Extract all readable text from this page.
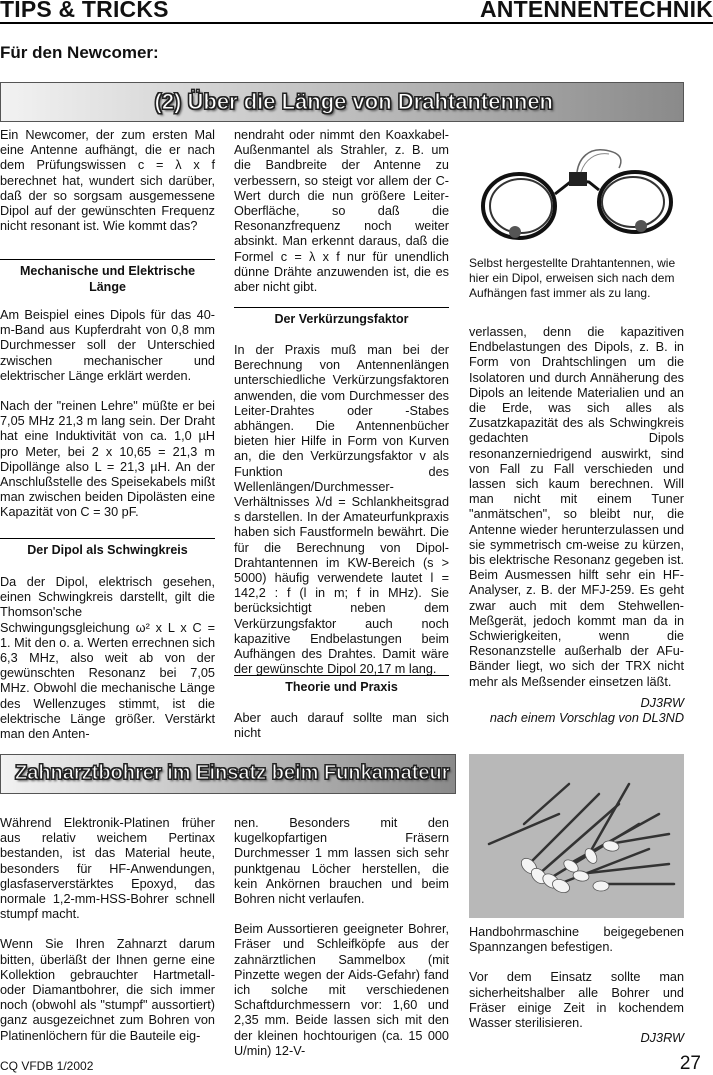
TIPS & TRICKS	ANTENNENTECHNIK
Für den Newcomer:
(2) Über die Länge von Drahtantennen

Ein Newcomer, der zum ersten Mal eine Antenne aufhängt, die er nach dem Prüfungswissen c = λ x f berechnet hat, wundert sich darüber, daß der so sorgsam ausgemessene Dipol auf der gewünschten Frequenz nicht resonant ist. Wie kommt das?

Mechanische und Elektrische Länge

Am Beispiel eines Dipols für das 40-m-Band aus Kupferdraht von 0,8 mm Durchmesser soll der Unterschied zwischen mechanischer und elektrischer Länge erklärt werden.

Nach der "reinen Lehre" müßte er bei 7,05 MHz 21,3 m lang sein. Der Draht hat eine Induktivität von ca. 1,0 µH pro Meter, bei 2 x 10,65 = 21,3 m Dipollänge also L = 21,3 µH. An der Anschlußstelle des Speisekabels mißt man zwischen beiden Dipolästen eine Kapazität von C = 30 pF.

Der Dipol als Schwingkreis

Da der Dipol, elektrisch gesehen, einen Schwingkreis darstellt, gilt die Thomson'sche Schwingungsgleichung ω² x L x C = 1. Mit den o. a. Werten errechnen sich 6,3 MHz, also weit ab von der gewünschten Resonanz bei 7,05 MHz. Obwohl die mechanische Länge des Wellenzuges stimmt, ist die elektrische Länge größer. Verstärkt man den Anten-

nendraht oder nimmt den Koaxkabel-Außenmantel als Strahler, z. B. um die Bandbreite der Antenne zu verbessern, so steigt vor allem der C-Wert durch die nun größere Leiter-Oberfläche, so daß die Resonanzfrequenz noch weiter absinkt. Man erkennt daraus, daß die Formel c = λ x f nur für unendlich dünne Drähte anzuwenden ist, die es aber nicht gibt.

Der Verkürzungsfaktor

In der Praxis muß man bei der Berechnung von Antennenlängen unterschiedliche Verkürzungsfaktoren anwenden, die vom Durchmesser des Leiter-Drahtes oder -Stabes abhängen. Die Antennenbücher bieten hier Hilfe in Form von Kurven an, die den Verkürzungsfaktor v als Funktion des Wellenlängen/Durchmesser-Verhältnisses λ/d = Schlankheitsgrad s darstellen. In der Amateurfunkpraxis haben sich Faustformeln bewährt. Die für die Berechnung von Dipol-Drahtantennen im KW-Bereich (s > 5000) häufig verwendete lautet l = 142,2 : f (l in m; f in MHz). Sie berücksichtigt neben dem Verkürzungsfaktor auch noch kapazitive Endbelastungen beim Aufhängen des Drahtes. Damit wäre der gewünschte Dipol 20,17 m lang.

Theorie und Praxis

Aber auch darauf sollte man sich nicht

Selbst hergestellte Drahtantennen, wie hier ein Dipol, erweisen sich nach dem Aufhängen fast immer als zu lang.

verlassen, denn die kapazitiven Endbelastungen des Dipols, z. B. in Form von Drahtschlingen um die Isolatoren und durch Annäherung des Dipols an leitende Materialien und an die Erde, was sich alles als Zusatzkapazität des als Schwingkreis gedachten Dipols resonanzerniedrigend auswirkt, sind von Fall zu Fall verschieden und lassen sich kaum berechnen. Will man nicht mit einem Tuner "anmätschen", so bleibt nur, die Antenne wieder herunterzulassen und sie symmetrisch cm-weise zu kürzen, bis elektrische Resonanz gegeben ist. Beim Ausmessen hilft sehr ein HF-Analyser, z. B. der MFJ-259. Es geht zwar auch mit dem Stehwellen-Meßgerät, jedoch kommt man da in Schwierigkeiten, wenn die Resonanzstelle außerhalb der AFu-Bänder liegt, wo sich der TRX nicht mehr als Meßsender einsetzen läßt.

DJ3RW
nach einem Vorschlag von DL3ND
Zahnarztbohrer im Einsatz beim Funkamateur

Während Elektronik-Platinen früher aus relativ weichem Pertinax bestanden, ist das Material heute, besonders für HF-Anwendungen, glasfaserverstärktes Epoxyd, das normale 1,2-mm-HSS-Bohrer schnell stumpf macht.

Wenn Sie Ihren Zahnarzt darum bitten, überläßt der Ihnen gerne eine Kollektion gebrauchter Hartmetall- oder Diamantbohrer, die sich immer noch (obwohl als "stumpf" aussortiert) ganz ausgezeichnet zum Bohren von Platinenlöchern für die Bauteile eig-

nen. Besonders mit den kugelkopfartigen Fräsern Durchmesser 1 mm lassen sich sehr punktgenau Löcher herstellen, die kein Ankörnen brauchen und beim Bohren nicht verlaufen.

Beim Aussortieren geeigneter Bohrer, Fräser und Schleifköpfe aus der zahnärztlichen Sammelbox (mit Pinzette wegen der Aids-Gefahr) fand ich solche mit verschiedenen Schaftdurchmessern vor: 1,60 und 2,35 mm. Beide lassen sich mit den der kleinen hochtourigen (ca. 15 000 U/min) 12-V-

Handbohrmaschine beigegebenen Spannzangen befestigen.

Vor dem Einsatz sollte man sicherheitshalber alle Bohrer und Fräser einige Zeit in kochendem Wasser sterilisieren.

DJ3RW
CQ VFDB 1/2002	27
